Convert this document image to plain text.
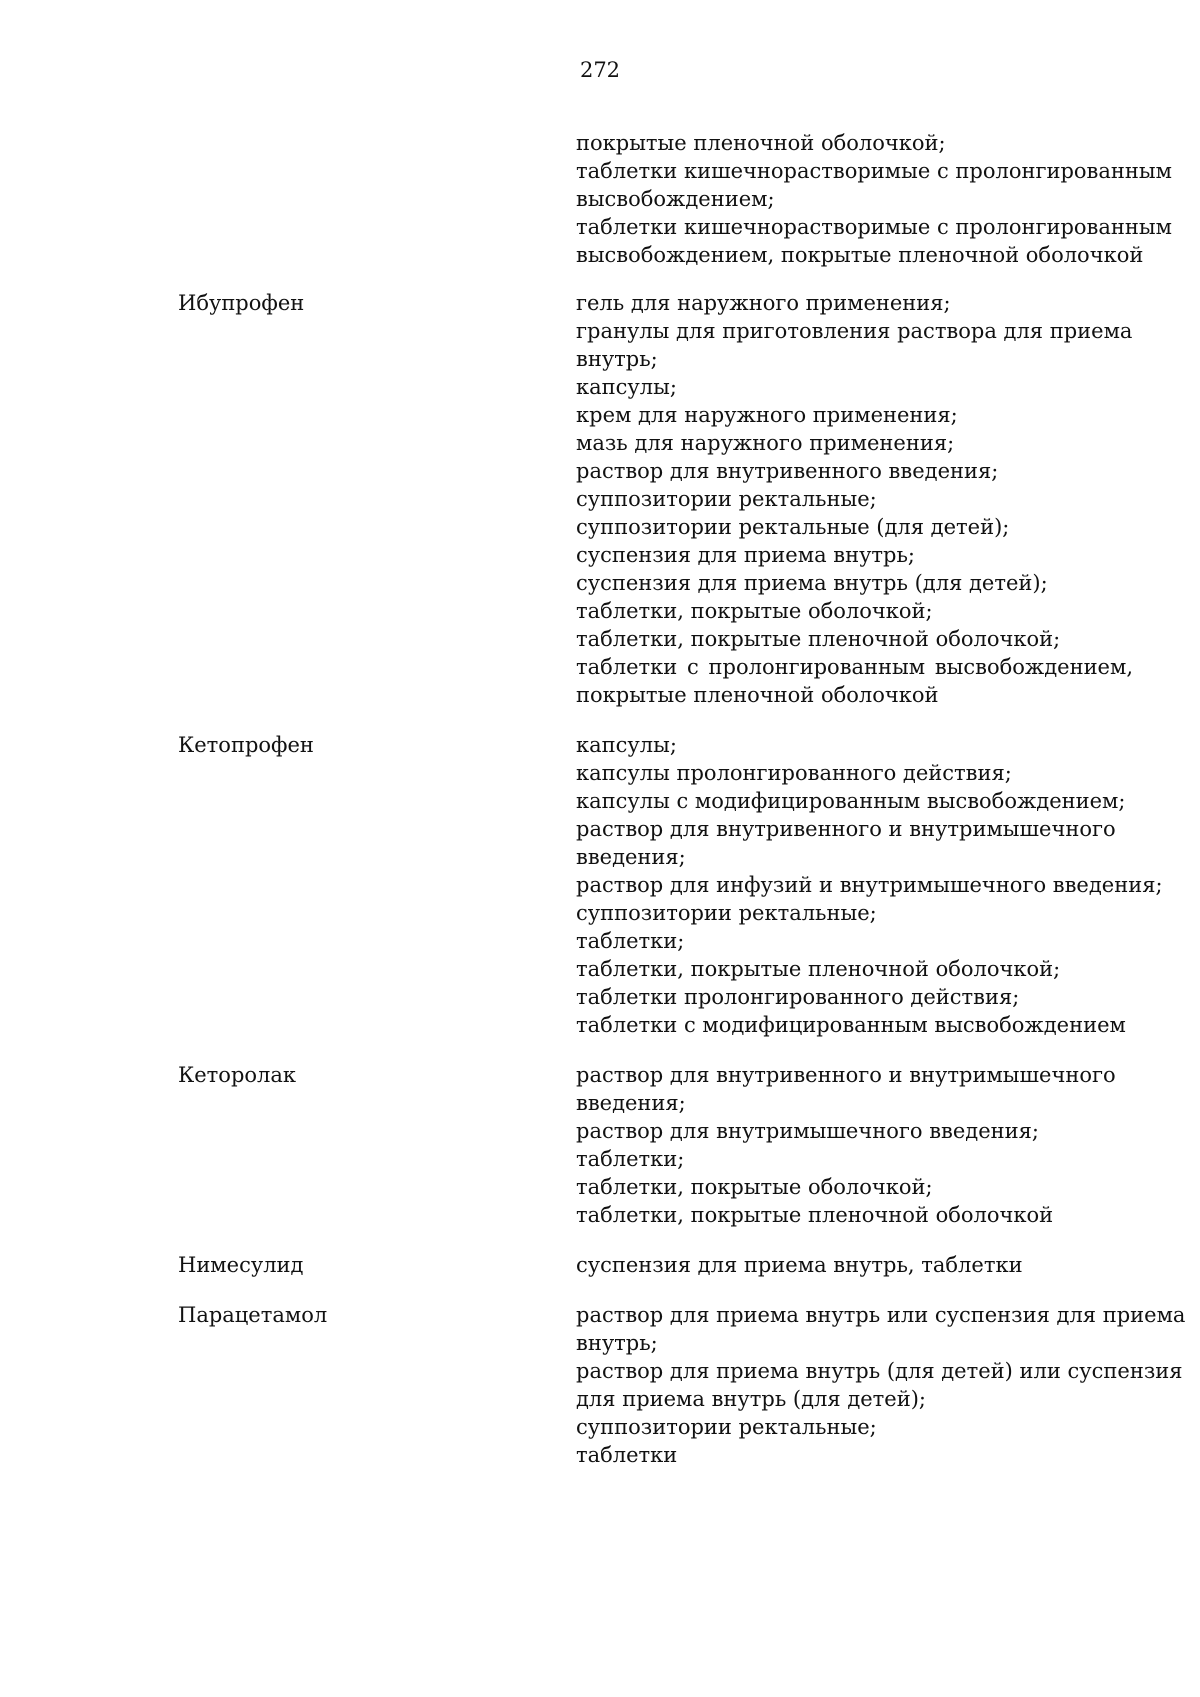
272
покрытые пленочной оболочкой;
таблетки кишечнорастворимые с пролонгированным
высвобождением;
таблетки кишечнорастворимые с пролонгированным
высвобождением, покрытые пленочной оболочкой
Ибупрофен	гель для наружного применения;
гранулы для приготовления раствора для приема
внутрь;
капсулы;
крем для наружного применения;
мазь для наружного применения;
раствор для внутривенного введения;
суппозитории ректальные;
суппозитории ректальные (для детей);
суспензия для приема внутрь;
суспензия для приема внутрь (для детей);
таблетки, покрытые оболочкой;
таблетки, покрытые пленочной оболочкой;
таблетки с пролонгированным высвобождением,
покрытые пленочной оболочкой
Кетопрофен	капсулы;
капсулы пролонгированного действия;
капсулы с модифицированным высвобождением;
раствор для внутривенного и внутримышечного
введения;
раствор для инфузий и внутримышечного введения;
суппозитории ректальные;
таблетки;
таблетки, покрытые пленочной оболочкой;
таблетки пролонгированного действия;
таблетки с модифицированным высвобождением
Кеторолак	раствор для внутривенного и внутримышечного
введения;
раствор для внутримышечного введения;
таблетки;
таблетки, покрытые оболочкой;
таблетки, покрытые пленочной оболочкой
Нимесулид	суспензия для приема внутрь, таблетки
Парацетамол	раствор для приема внутрь или суспензия для приема
внутрь;
раствор для приема внутрь (для детей) или суспензия
для приема внутрь (для детей);
суппозитории ректальные;
таблетки
